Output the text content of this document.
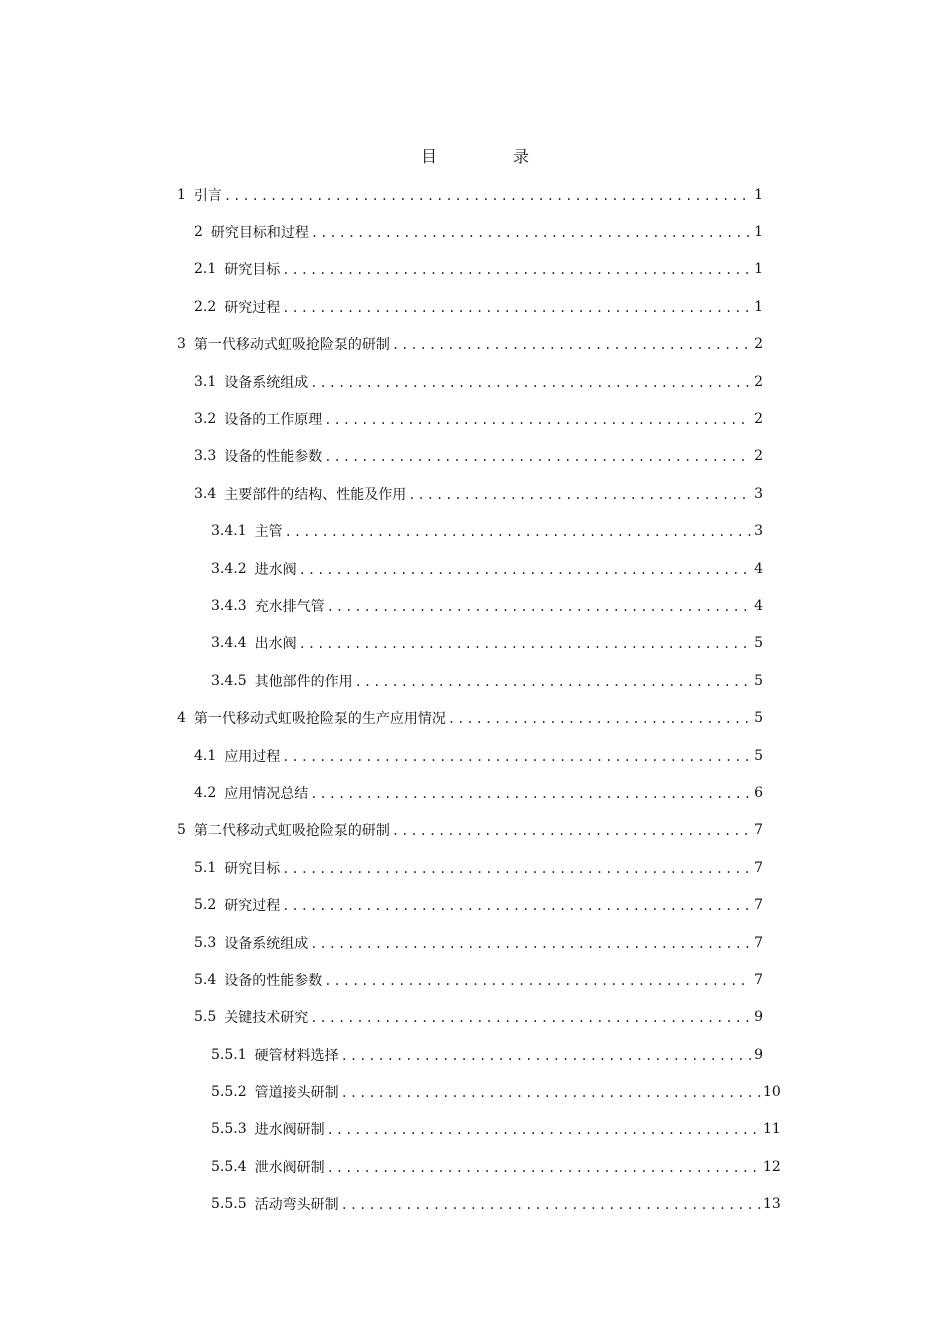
目　录
1 引言 .....	1
2 研究目标和过程 .....	1
2.1 研究目标 .....	1
2.2 研究过程 .....	1
3 第一代移动式虹吸抢险泵的研制 .....	2
3.1 设备系统组成 .....	2
3.2 设备的工作原理 .....	2
3.3 设备的性能参数 .....	2
3.4 主要部件的结构、性能及作用 .....	3
3.4.1 主管 .....	3
3.4.2 进水阀 .....	4
3.4.3 充水排气管 .....	4
3.4.4 出水阀 .....	5
3.4.5 其他部件的作用 .....	5
4 第一代移动式虹吸抢险泵的生产应用情况 .....	5
4.1 应用过程 .....	5
4.2 应用情况总结 .....	6
5 第二代移动式虹吸抢险泵的研制 .....	7
5.1 研究目标 .....	7
5.2 研究过程 .....	7
5.3 设备系统组成 .....	7
5.4 设备的性能参数 .....	7
5.5 关键技术研究 .....	9
5.5.1 硬管材料选择 .....	9
5.5.2 管道接头研制 .....	10
5.5.3 进水阀研制 .....	11
5.5.4 泄水阀研制 .....	12
5.5.5 活动弯头研制 .....	13
